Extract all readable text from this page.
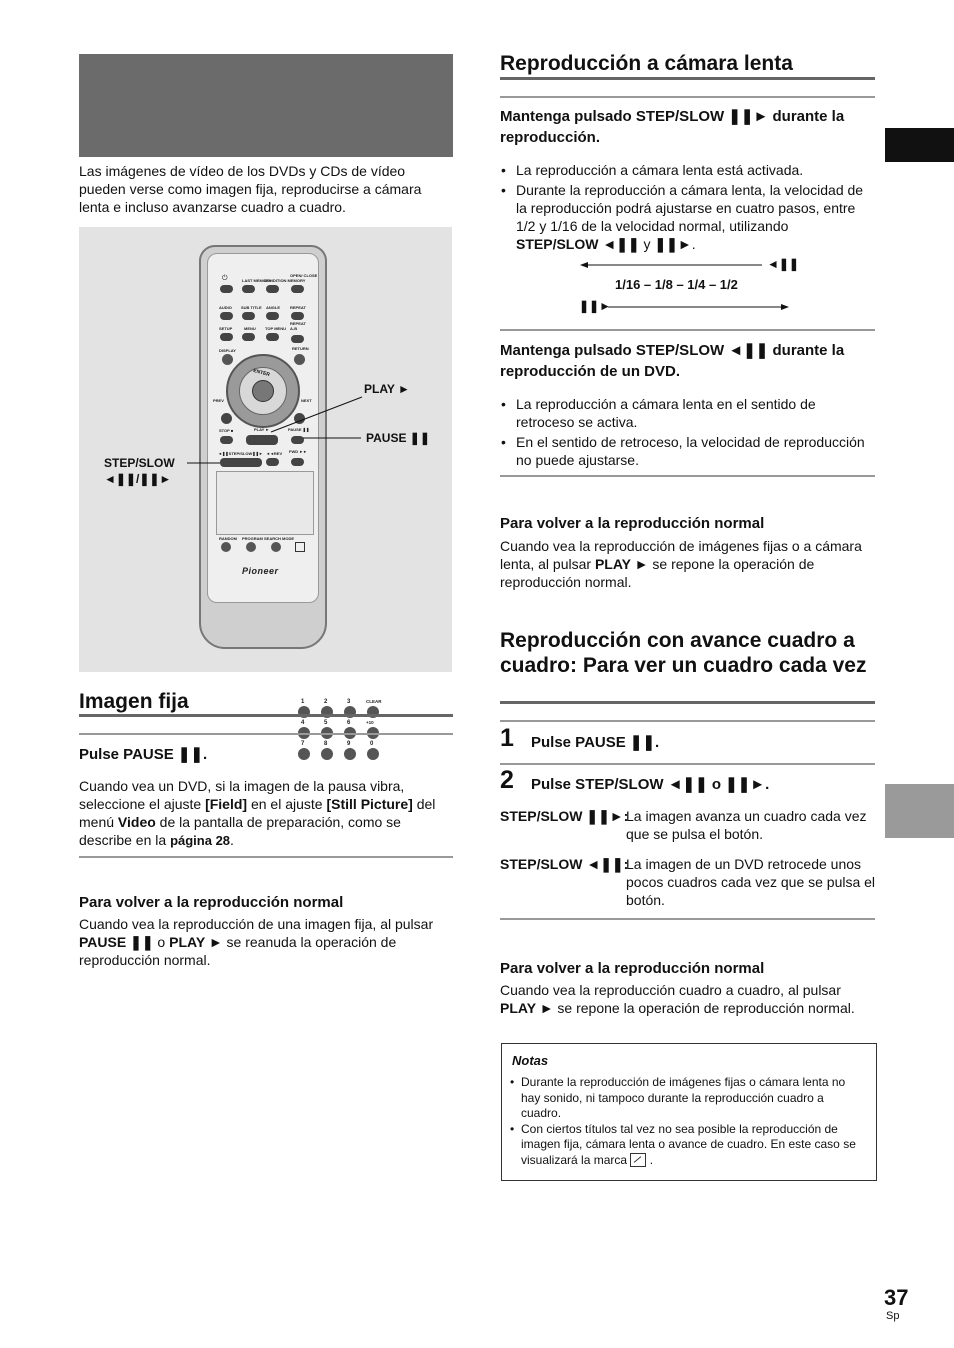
Las imágenes de vídeo de los DVDs y CDs de vídeo pueden verse como imagen fija, reproducirse a cámara lenta e incluso avanzarse cuadro a cuadro.
⏻	LAST MEMORY
CONDITION MEMORY
OPEN/ CLOSE
AUDIO SUB TITLE ANGLE	REPEAT
SETUP	MENU TOP MENU
REPEAT A-B
DISPLAY	RETURN
ENTER
PREV	NEXT
STOP ■	PLAY ►	PAUSE ❚❚
◄❚❚STEP/SLOW❚❚► ◄◄REV FWD ►►
1	2	3	CLEAR
4	5	6	+10
7	8	9	0
RANDOM PROGRAM SEARCH MODE
Pioneer
PLAY ►
PAUSE ❚❚
STEP/SLOW
◄❚❚/❚❚►
Imagen fija
Pulse PAUSE ❚❚.
Cuando vea un DVD, si la imagen de la pausa vibra, seleccione el ajuste [Field] en el ajuste [Still Picture] del menú Video de la pantalla de preparación, como se describe en la página 28.
Para volver a la reproducción normal
Cuando vea la reproducción de una imagen fija, al pulsar PAUSE ❚❚ o PLAY ► se reanuda la operación de reproducción normal.
Reproducción a cámara lenta
Mantenga pulsado STEP/SLOW ❚❚► durante la reproducción.
• La reproducción a cámara lenta está activada.
• Durante la reproducción a cámara lenta, la velocidad de la reproducción podrá ajustarse en cuatro pasos, entre 1/2 y 1/16 de la velocidad normal, utilizando STEP/SLOW ◄❚❚ y ❚❚►.
◄❚❚
1/16 – 1/8 – 1/4 – 1/2
❚❚►
Mantenga pulsado STEP/SLOW ◄❚❚ durante la reproducción de un DVD.
• La reproducción a cámara lenta en el sentido de retroceso se activa.
• En el sentido de retroceso, la velocidad de reproducción no puede ajustarse.
Para volver a la reproducción normal
Cuando vea la reproducción de imágenes fijas o a cámara lenta, al pulsar PLAY ► se repone la operación de reproducción normal.
Reproducción con avance cuadro a cuadro: Para ver un cuadro cada vez
1 Pulse PAUSE ❚❚.
2 Pulse STEP/SLOW ◄❚❚ o ❚❚►.
STEP/SLOW ❚❚►:
La imagen avanza un cuadro cada vez que se pulsa el botón.
STEP/SLOW ◄❚❚:
La imagen de un DVD retrocede unos pocos cuadros cada vez que se pulsa el botón.
Para volver a la reproducción normal
Cuando vea la reproducción cuadro a cuadro, al pulsar PLAY ► se repone la operación de reproducción normal.
Notas
• Durante la reproducción de imágenes fijas o cámara lenta no hay sonido, ni tampoco durante la reproducción cuadro a cuadro.
• Con ciertos títulos tal vez no sea posible la reproducción de imagen fija, cámara lenta o avance de cuadro. En este caso se visualizará la marca .
37
Sp
